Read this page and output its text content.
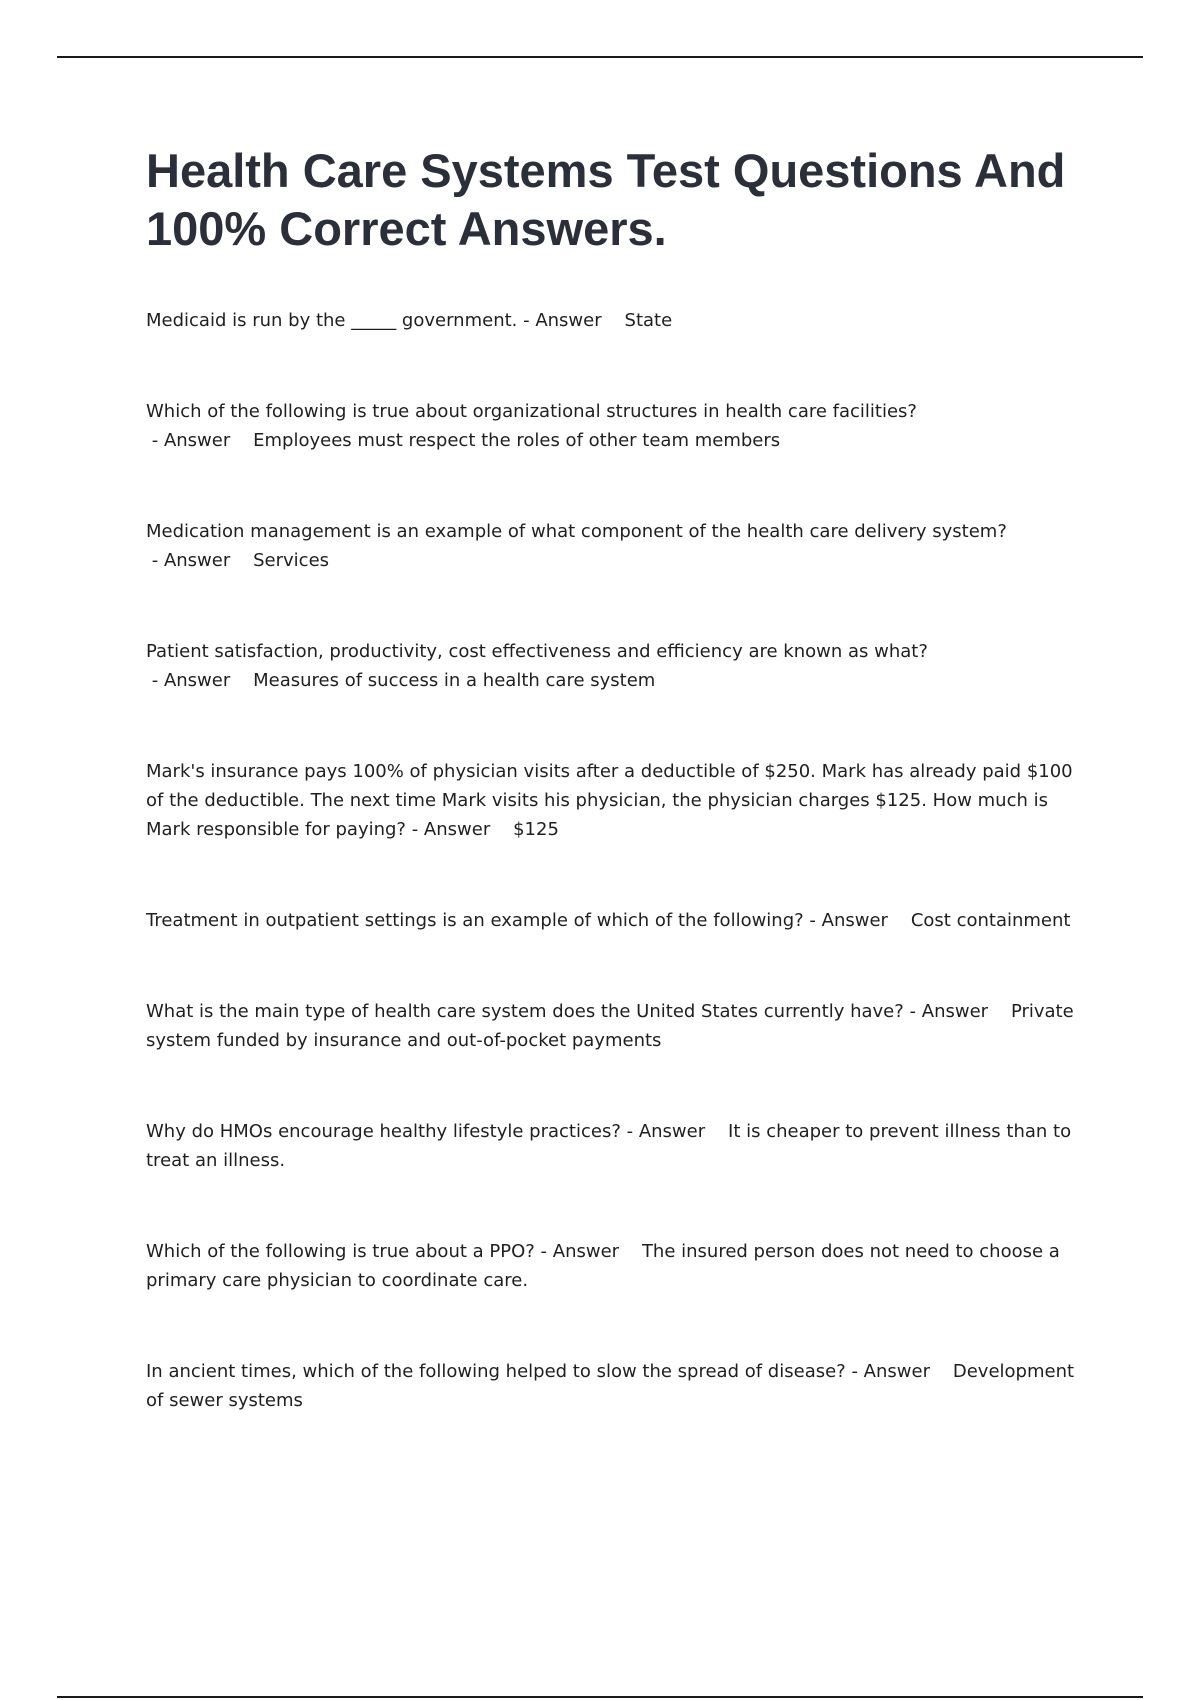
Health Care Systems Test Questions And 100% Correct Answers.
Medicaid is run by the _____ government. - Answer    State
Which of the following is true about organizational structures in health care facilities? - Answer    Employees must respect the roles of other team members
Medication management is an example of what component of the health care delivery system? - Answer    Services
Patient satisfaction, productivity, cost effectiveness and efficiency are known as what? - Answer    Measures of success in a health care system
Mark's insurance pays 100% of physician visits after a deductible of $250. Mark has already paid $100 of the deductible. The next time Mark visits his physician, the physician charges $125. How much is Mark responsible for paying? - Answer    $125
Treatment in outpatient settings is an example of which of the following? - Answer    Cost containment
What is the main type of health care system does the United States currently have? - Answer    Private system funded by insurance and out-of-pocket payments
Why do HMOs encourage healthy lifestyle practices? - Answer    It is cheaper to prevent illness than to treat an illness.
Which of the following is true about a PPO? - Answer    The insured person does not need to choose a primary care physician to coordinate care.
In ancient times, which of the following helped to slow the spread of disease? - Answer    Development of sewer systems
